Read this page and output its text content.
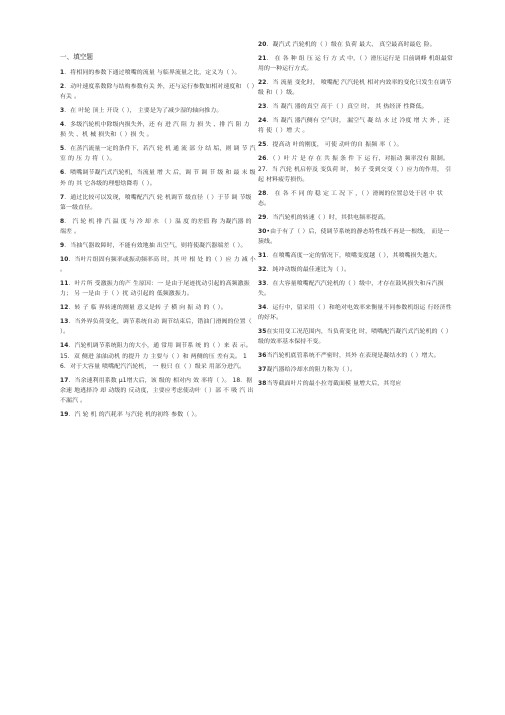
一、填空题
1．将相同的参数下通过喷嘴的流量 与临界流量之比，定义为（ ）。
2．动叶速度系数除与结构参数有关 外，还与运行参数如相对速度和 （ ）有关 。
3．在 叶轮 顶上 开设（ ）， 主要是为了减少湿的轴向推力。
4．多级汽轮机中除级内损失外，还 有 进 汽 阻 力 损 失 、排 汽 阻 力 损 失 、机 械 损失和（ ）损 失 。
5．在蒸汽流量一定的条件下，若汽 轮 机 通 流 部 分 结 垢，则 调 节 汽 室 的 压 力 将（ ）。
6．喷嘴调节凝汽式汽轮机，当流量 增 大 后，调 节 调 节 级 和 最 末 级 外 的 其 它各级的理想焓降将（ ）。
7．通过比较可以发现，喷嘴配汽汽 轮 机调节 级直径（ ）于节 调 节级第一级直径。
8． 汽 轮 机 排 汽 温 度 与 冷 却 水 （ ）温 度 的差值 称 为凝汽器 的端差 。
9．当抽气器故障时，不能有效地抽 出空气，则将使凝汽器端差（ ）。
10．当叶片组固有频率或振动频率高 时，其 叶 根 处 的（ ）应 力 减 小 。
11．叶片所 受激振力的产 生原因：一 是由于尾迹扰动引起的高频激振力； 另 一是由 于（ ）扰 动引起的 低频激振力。
12．转 子 临 界转速的测量 意义是转 子 横 向 振 动 的（ ）。
13．当外界负荷变化，调节系统自动 调节结束后，错油门滑阀的位置（ ）。
14．汽轮机调节系统阻力的大小，通 常用 调节系 统 的（ ）来 表 示。 15．双 侧进 油油动机 的提升 力 主要与（ ）和 两侧的压 差有关。 16．对于大容量 喷嘴配汽汽轮机， 一 般只 在（ ）级采 用部分进汽。
17．当余速利用系数 μ1增大后，该 级的 相对内 效 率将（ ）。 18．据 余速 地逃择冷 却 动级的 反动度，主要应考虑使动叶（ ）部 不 吸 汽 出 不漏汽 。
19．汽 轮 机 的汽耗率 与汽轮 机的初终 参数（ ）。
20．凝汽式 汽轮机的（ ）级在 负荷 最大、 真空最高时最危 险。
21． 在 各 种 组 压 运 行 方 式 中，（ ）滑压运行是 目前调峰 机组最常用的一种运行方式。
22．当 流量 变化时， 喷嘴配 汽汽轮机 相对内效率的变化只发生在调节级 和（ ）级。
23．当 凝汽 器的真空 高于（ ）真空 时， 其 热经济 性降低。
24．当 凝汽 器汽侧有 空气时， 漏空气 凝 结 水 过 冷度 增 大 外 ，还 将 使（ ）增 大 。
25．提高动 叶的刚度， 可使 动叶的自 振频 率（ ）。
26．（ ）叶 片 是 存 在 共 振 条 件 下 运 行，对振动 频率没有 限制。 27．当 汽轮 机启停及 变负荷 时， 转子 受到交变（ ）应力的作用， 引起 材料疲劳损伤。
28． 在 各 不 同 的 稳 定 工 况 下 ，（ ）滑阀的位置总处于居 中 状态。
29．当汽轮机的转速（ ）时，其供电频率提高。
30•由于有了（ ）后，使调节系统的静态特性线不再是一根线， 而是一簇线。
31．在喷嘴高度一定的情况下，喷嘴变度越（ ），其喷嘴损失越大。
32．純冲动级的最佳速比为（ ）。
33．在大容量喷嘴配汽汽轮机的（ ）级中，才存在鼓风损失和斥汽损失。
34．运行中，留采用（ ）和绝对电效率来衡量不同参数机组运 行经济性的好坏。
35在实用变工况范围内，当负荷变化 时，喷嘴配汽凝汽式汽轮机的（ ）级的效率基本保持不变。
36当汽轮机底管系统不严密时，其外 在表现是凝结水的（ ）增大。
37凝汽器给冷却水的阻力称为（ ）。
38当等截面叶片的最小拉弯截面模 量增大后，其弯应
